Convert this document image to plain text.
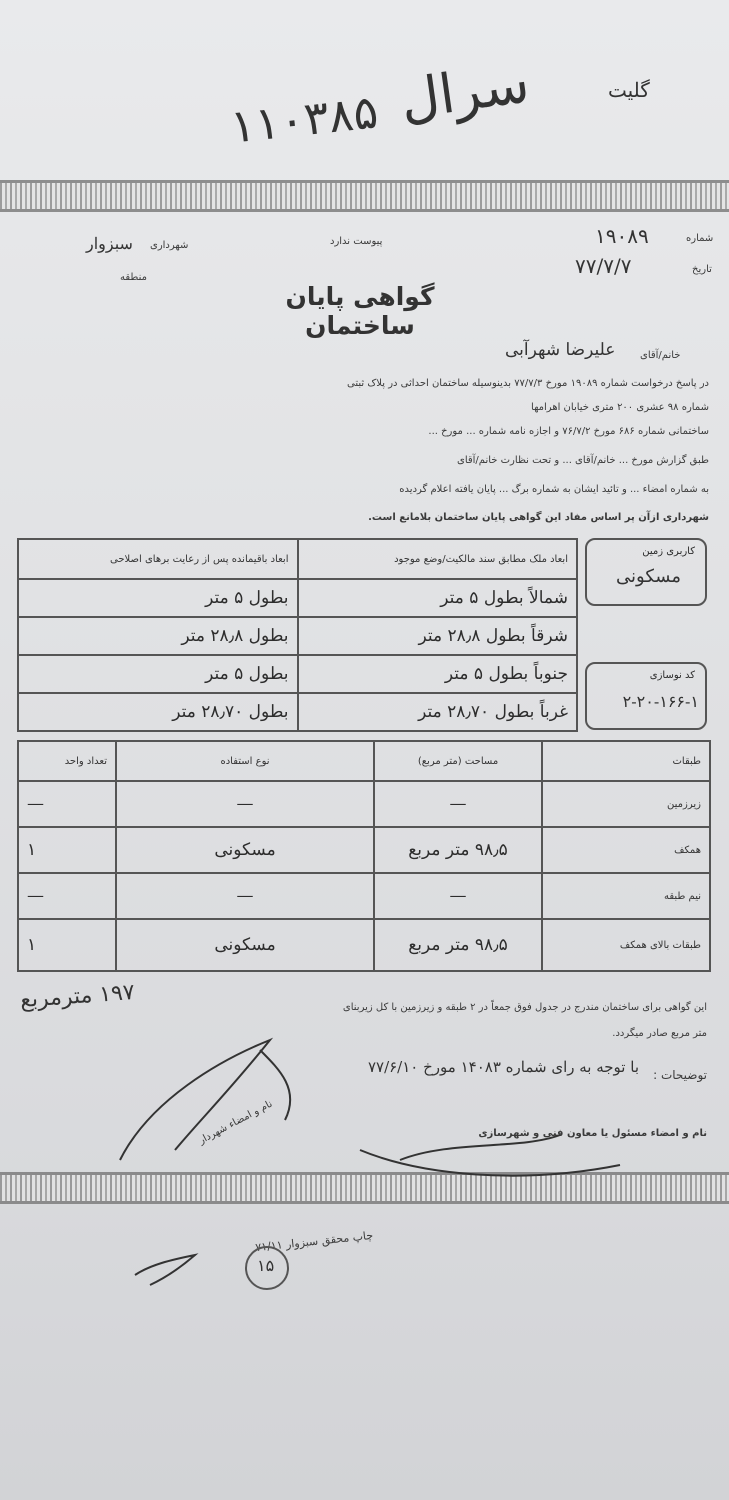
۱۱۰۳۸۵ سرال	گلیت
شماره
۱۹۰۸۹
تاریخ
۷۷/۷/۷
پیوست ندارد
شهرداری
سبزوار
منطقه
گواهی پایان ساختمان
خانم/آقای
علیرضا شهرآبی
در پاسخ درخواست شماره ۱۹۰۸۹ مورخ ۷۷/۷/۳ بدینوسیله ساختمان احداثی در پلاک ثبتی
شماره ۹۸ عشری ۲۰۰ متری خیابان اهرامها
ساختمانی شماره ۶۸۶ مورخ ۷۶/۷/۲ و اجازه نامه شماره ... مورخ ...
طبق گزارش مورخ ... خانم/آقای ... و تحت نظارت خانم/آقای
به شماره امضاء ... و تائید ایشان به شماره برگ ... پایان یافته اعلام گردیده
شهرداری ازآن پر اساس مفاد این گواهی پایان ساختمان بلامانع است.
کاربری زمین
مسکونی
کد نوسازی
۲-۲۰-۱۶۶-۱
ابعاد ملک مطابق سند مالکیت/وضع موجود	ابعاد باقیمانده پس از رعایت برهای اصلاحی
شمالاً بطول ۵ متر	بطول ۵ متر
شرقاً بطول ۲۸٫۸ متر	بطول ۲۸٫۸ متر
جنوباً بطول ۵ متر	بطول ۵ متر
غرباً بطول ۲۸٫۷۰ متر	بطول ۲۸٫۷۰ متر
طبقات	مساحت (متر مربع)	نوع استفاده	تعداد واحد
زیرزمین	—	—	—
همکف	۹۸٫۵ متر مربع	مسکونی	۱
نیم طبقه	—	—	—
طبقات بالای همکف	۹۸٫۵ متر مربع	مسکونی	۱
این گواهی برای ساختمان مندرج در جدول فوق جمعاً در ۲ طبقه و زیرزمین با کل زیربنای
۱۹۷ مترمربع
متر مربع صادر میگردد.
توضیحات :
با توجه به رای شماره ۱۴۰۸۳ مورخ ۷۷/۶/۱۰
نام و امضاء مسئول یا معاون فنی و شهرسازی
نام و امضاء شهردار
چاپ محقق سبزوار ۷۱/۱۱
۱۵
